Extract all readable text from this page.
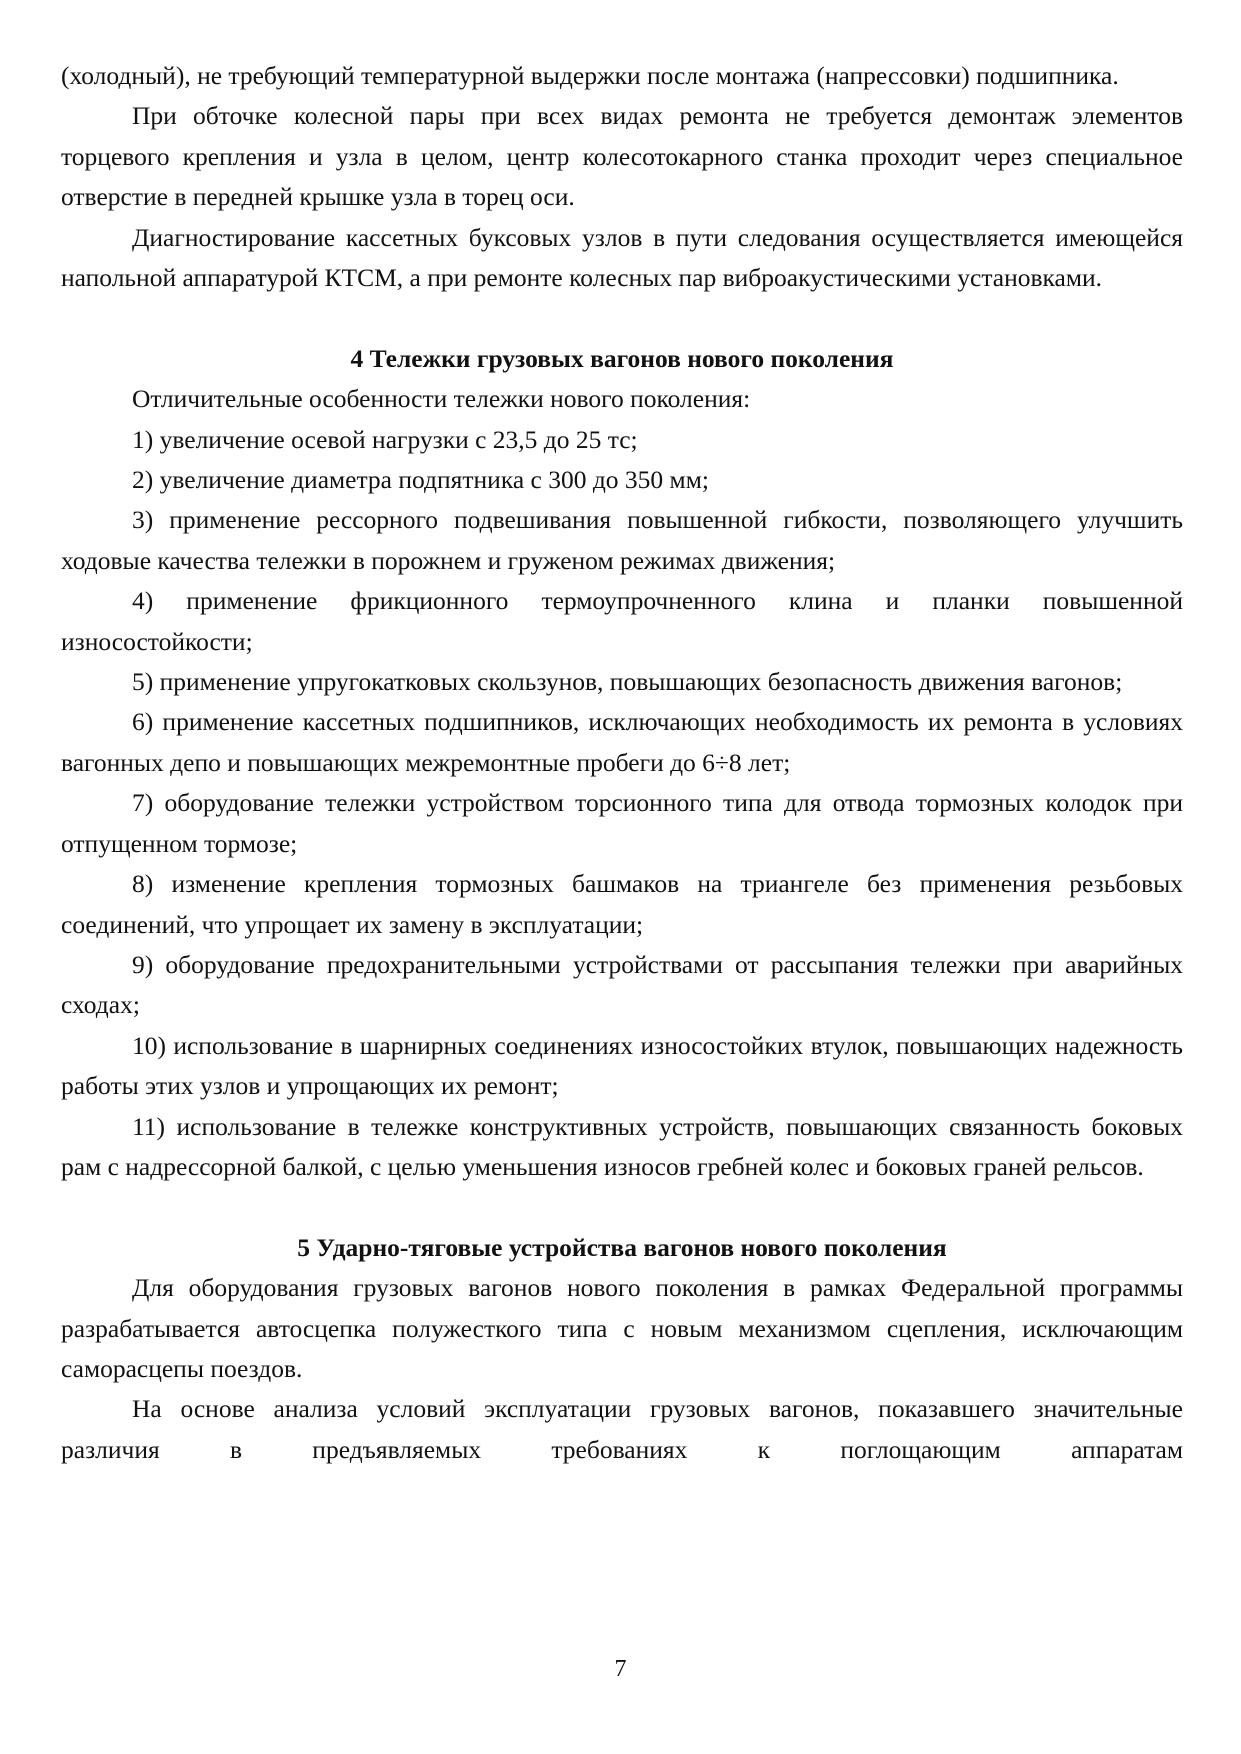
(холодный), не требующий температурной выдержки после монтажа (напрессовки) подшипника.

При обточке колесной пары при всех видах ремонта не требуется демонтаж элементов торцевого крепления и узла в целом, центр колесотокарного станка проходит через специальное отверстие в передней крышке узла в торец оси.

Диагностирование кассетных буксовых узлов в пути следования осуществляется имеющейся напольной аппаратурой КТСМ, а при ремонте колесных пар виброакустическими установками.

4 Тележки грузовых вагонов нового поколения

Отличительные особенности тележки нового поколения:

1) увеличение осевой нагрузки с 23,5 до 25 тс;

2) увеличение диаметра подпятника с 300 до 350 мм;

3) применение рессорного подвешивания повышенной гибкости, позволяющего улучшить ходовые качества тележки в порожнем и груженом режимах движения;

4) применение фрикционного термоупрочненного клина и планки повышенной износостойкости;

5) применение упругокатковых скользунов, повышающих безопасность движения вагонов;

6) применение кассетных подшипников, исключающих необходимость их ремонта в условиях вагонных депо и повышающих межремонтные пробеги до 6÷8 лет;

7) оборудование тележки устройством торсионного типа для отвода тормозных колодок при отпущенном тормозе;

8) изменение крепления тормозных башмаков на триангеле без применения резьбовых соединений, что упрощает их замену в эксплуатации;

9) оборудование предохранительными устройствами от рассыпания тележки при аварийных сходах;

10) использование в шарнирных соединениях износостойких втулок, повышающих надежность работы этих узлов и упрощающих их ремонт;

11) использование в тележке конструктивных устройств, повышающих связанность боковых рам с надрессорной балкой, с целью уменьшения износов гребней колес и боковых граней рельсов.

5 Ударно-тяговые устройства вагонов нового поколения

Для оборудования грузовых вагонов нового поколения в рамках Федеральной программы разрабатывается автосцепка полужесткого типа с новым механизмом сцепления, исключающим саморасцепы поездов.

На основе анализа условий эксплуатации грузовых вагонов, показавшего значительные различия в предъявляемых требованиях к поглощающим аппаратам

7
